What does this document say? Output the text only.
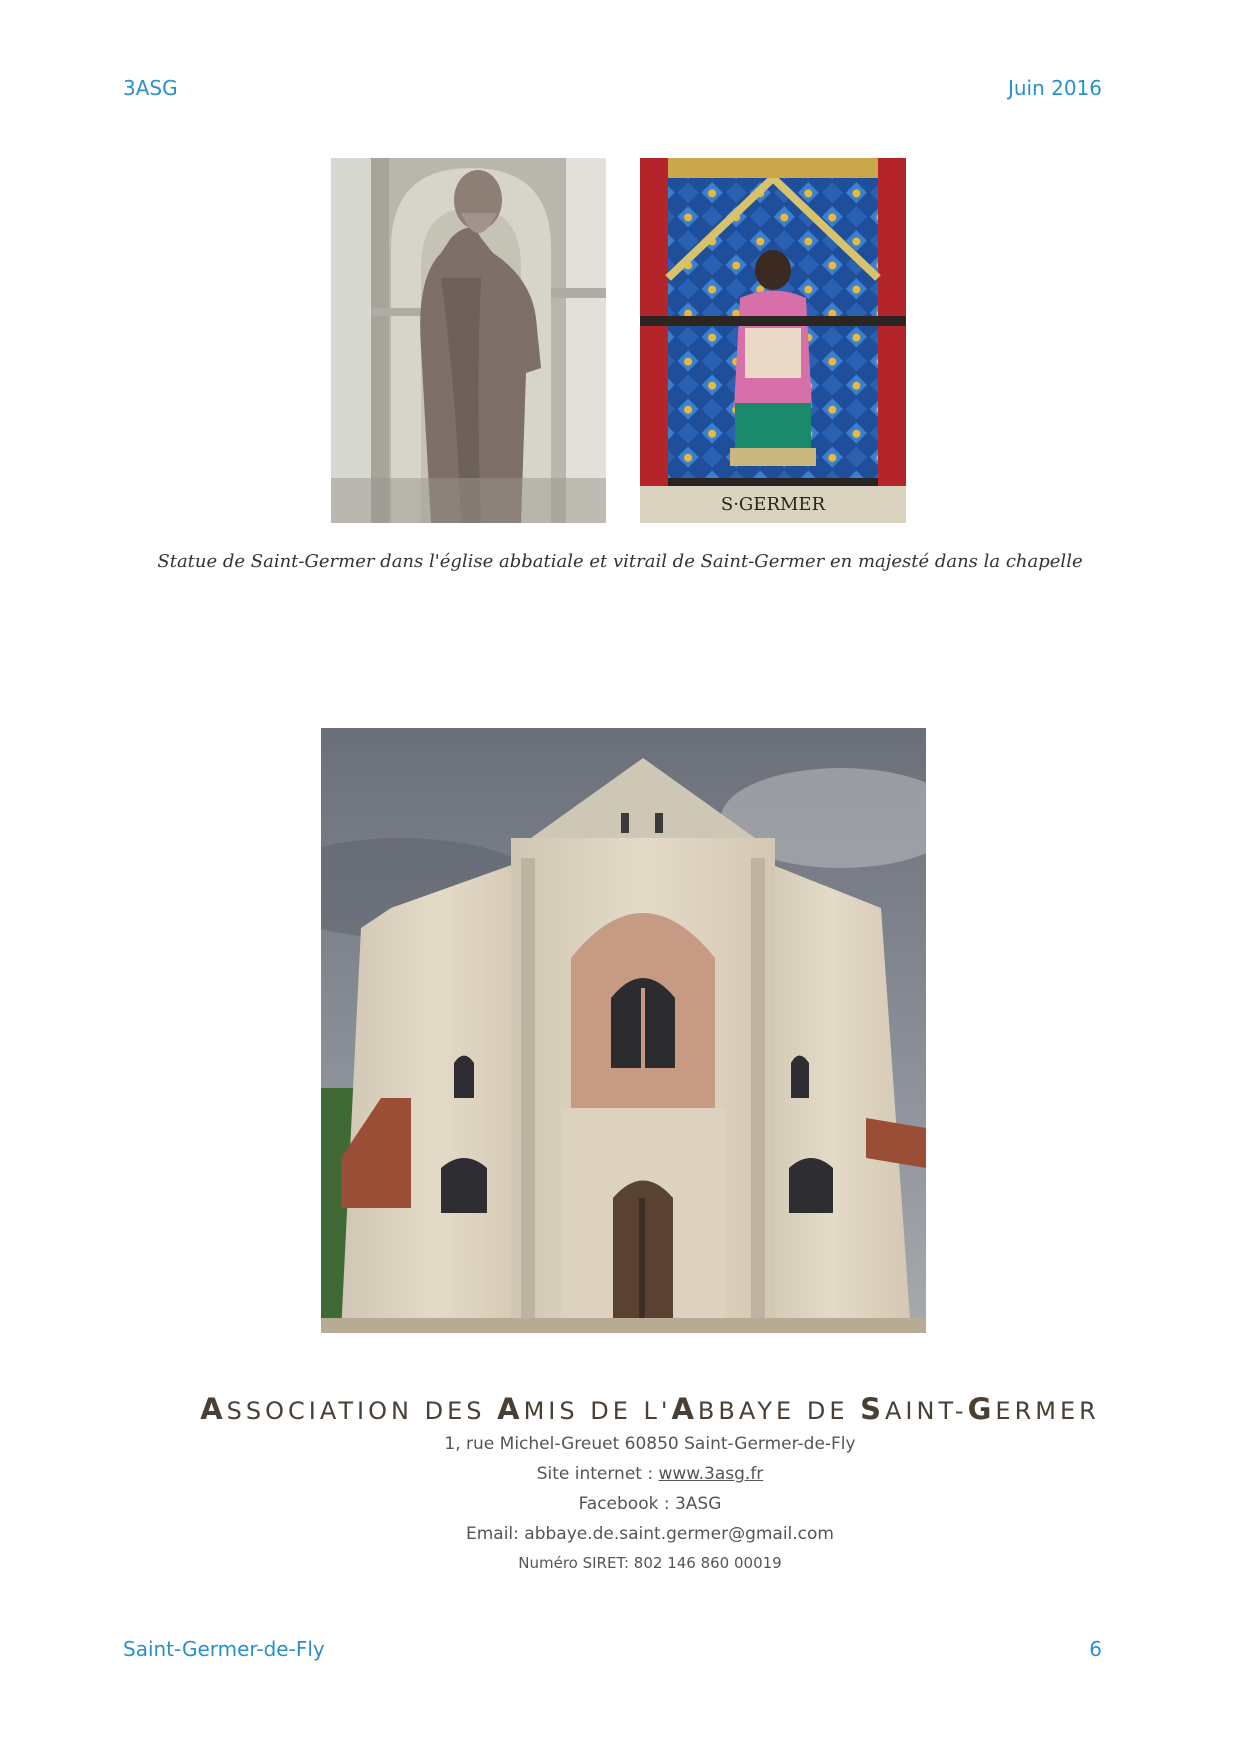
3ASG	Juin 2016
S·GERMER
Statue de Saint-Germer dans l'église abbatiale et vitrail de Saint-Germer en majesté dans la chapelle
ASSOCIATION DES AMIS DE L'ABBAYE DE SAINT-GERMER
1, rue Michel-Greuet 60850 Saint-Germer-de-Fly
Site internet : www.3asg.fr
Facebook : 3ASG
Email: abbaye.de.saint.germer@gmail.com
Numéro SIRET: 802 146 860 00019
Saint-Germer-de-Fly	6
